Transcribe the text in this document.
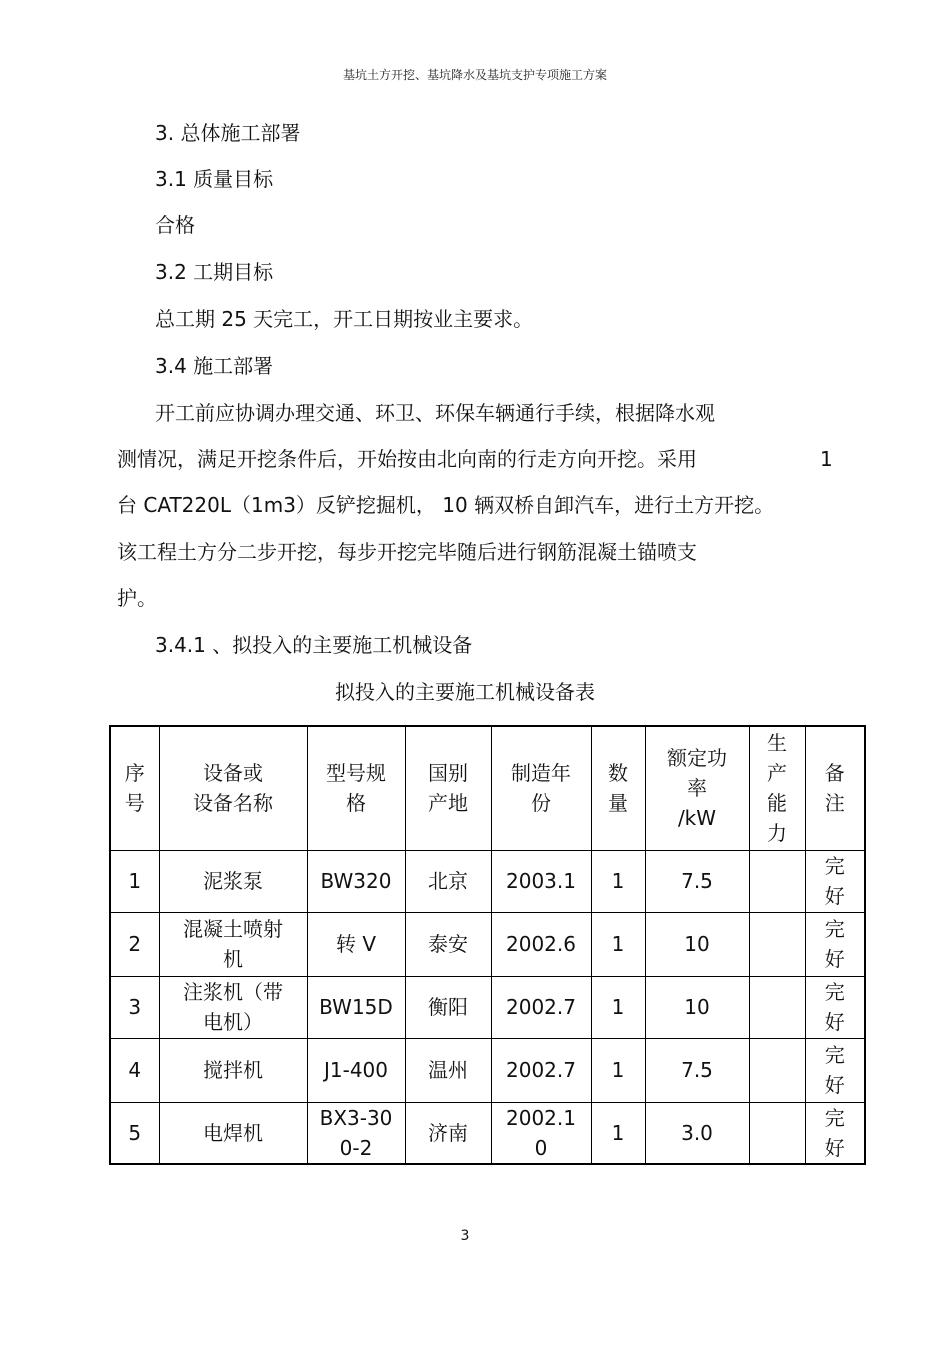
基坑土方开挖、基坑降水及基坑支护专项施工方案
3. 总体施工部署
3.1 质量目标
合格
3.2 工期目标
总工期 25 天完工，开工日期按业主要求。
3.4 施工部署
开工前应协调办理交通、环卫、环保车辆通行手续，根据降水观
测情况，满足开挖条件后，开始按由北向南的行走方向开挖。采用	1
台 CAT220L（1m3）反铲挖掘机， 10 辆双桥自卸汽车，进行土方开挖。
该工程土方分二步开挖，每步开挖完毕随后进行钢筋混凝土锚喷支
护。
3.4.1 、拟投入的主要施工机械设备
拟投入的主要施工机械设备表
序
号	设备或
设备名称	型号规
格	国别
产地	制造年
份	数
量	额定功
率
/kW	生
产
能
力	备
注

1	泥浆泵	BW320	北京	2003.1	1	7.5		完
好

2	混凝土喷射
机	转 V	泰安	2002.6	1	10		完
好

3	注浆机（带
电机）	BW15D	衡阳	2002.7	1	10		完
好

4	搅拌机	J1-400	温州	2002.7	1	7.5		完
好

5	电焊机	BX3-30
0-2	济南	2002.1
0	1	3.0		完
好
3
